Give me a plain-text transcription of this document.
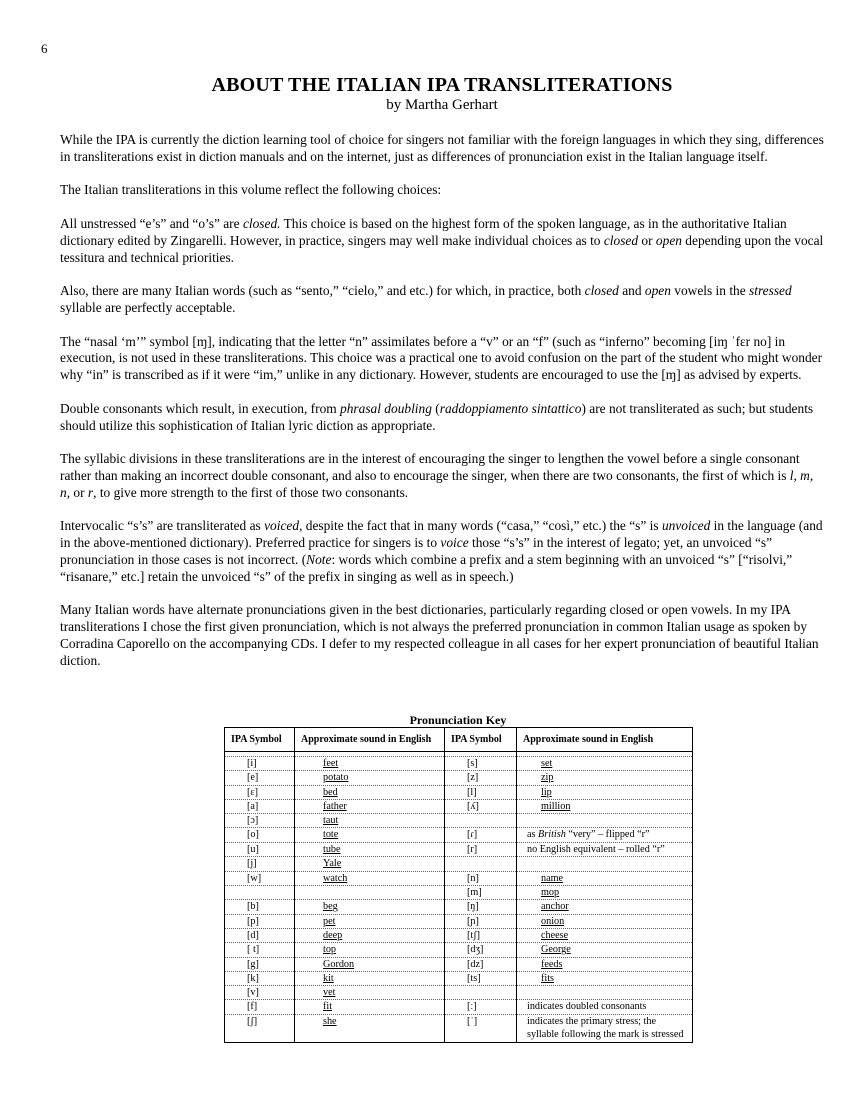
6
ABOUT THE ITALIAN IPA TRANSLITERATIONS
by Martha Gerhart

While the IPA is currently the diction learning tool of choice for singers not familiar with the foreign languages in which they sing, differences in transliterations exist in diction manuals and on the internet, just as differences of pronunciation exist in the Italian language itself.

The Italian transliterations in this volume reflect the following choices:

All unstressed “e’s” and “o’s” are closed. This choice is based on the highest form of the spoken language, as in the authoritative Italian dictionary edited by Zingarelli. However, in practice, singers may well make individual choices as to closed or open depending upon the vocal tessitura and technical priorities.

Also, there are many Italian words (such as “sento,” “cielo,” and etc.) for which, in practice, both closed and open vowels in the stressed syllable are perfectly acceptable.

The “nasal ‘m’” symbol [ɱ], indicating that the letter “n” assimilates before a “v” or an “f” (such as “inferno” becoming [iɱ ˈfɛr no] in execution, is not used in these transliterations. This choice was a practical one to avoid confusion on the part of the student who might wonder why “in” is transcribed as if it were “im,” unlike in any dictionary. However, students are encouraged to use the [ɱ] as advised by experts.

Double consonants which result, in execution, from phrasal doubling (raddoppiamento sintattico) are not transliterated as such; but students should utilize this sophistication of Italian lyric diction as appropriate.

The syllabic divisions in these transliterations are in the interest of encouraging the singer to lengthen the vowel before a single consonant rather than making an incorrect double consonant, and also to encourage the singer, when there are two consonants, the first of which is l, m, n, or r, to give more strength to the first of those two consonants.

Intervocalic “s’s” are transliterated as voiced, despite the fact that in many words (“casa,” “così,” etc.) the “s” is unvoiced in the language (and in the above-mentioned dictionary). Preferred practice for singers is to voice those “s’s” in the interest of legato; yet, an unvoiced “s” pronunciation in those cases is not incorrect. (Note: words which combine a prefix and a stem beginning with an unvoiced “s” [“risolvi,” “risanare,” etc.] retain the unvoiced “s” of the prefix in singing as well as in speech.)

Many Italian words have alternate pronunciations given in the best dictionaries, particularly regarding closed or open vowels. In my IPA transliterations I chose the first given pronunciation, which is not always the preferred pronunciation in common Italian usage as spoken by Corradina Caporello on the accompanying CDs. I defer to my respected colleague in all cases for her expert pronunciation of beautiful Italian diction.

Pronunciation Key
IPA Symbol	Approximate sound in English	IPA Symbol	Approximate sound in English

[i]	feet	[s]	set
[e]	potato	[z]	zip
[ɛ]	bed	[l]	lip
[a]	father	[ʎ]	million
[ɔ]	taut		
[o]	tote	[ɾ]	as British “very” – flipped “r”
[u]	tube	[r]	no English equivalent – rolled “r”
[j]	Yale		
[w]	watch	[n]	name
		[m]	mop
[b]	beg	[ŋ]	anchor
[p]	pet	[ɲ]	onion
[d]	deep	[tʃ]	cheese
[ t]	top	[dʒ]	George
[g]	Gordon	[dz]	feeds
[k]	kit	[ts]	fits
[v]	vet		
[f]	fit	[ː]	indicates doubled consonants
[ʃ]	she	[ˈ]	indicates the primary stress; the syllable following the mark is stressed
